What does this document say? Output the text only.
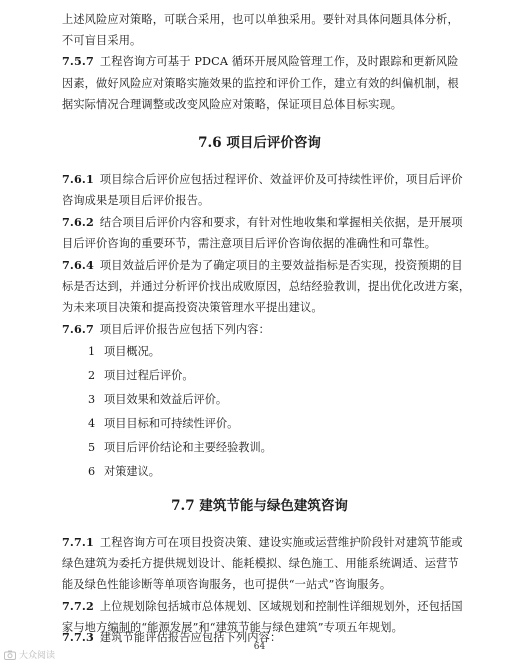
上述风险应对策略，可联合采用，也可以单独采用。要针对具体问题具体分析，
不可盲目采用。
7.5.7 工程咨询方可基于 PDCA 循环开展风险管理工作，及时跟踪和更新风险
因素，做好风险应对策略实施效果的监控和评价工作，建立有效的纠偏机制，根
据实际情况合理调整或改变风险应对策略，保证项目总体目标实现。
7.6 项目后评价咨询
7.6.1 项目综合后评价应包括过程评价、效益评价及可持续性评价，项目后评价
咨询成果是项目后评价报告。
7.6.2 结合项目后评价内容和要求，有针对性地收集和掌握相关依据，是开展项
目后评价咨询的重要环节，需注意项目后评价咨询依据的准确性和可靠性。
7.6.4 项目效益后评价是为了确定项目的主要效益指标是否实现，投资预期的目
标是否达到，并通过分析评价找出成败原因，总结经验教训，提出优化改进方案，
为未来项目决策和提高投资决策管理水平提出建议。
7.6.7 项目后评价报告应包括下列内容：
1 项目概况。
2 项目过程后评价。
3 项目效果和效益后评价。
4 项目目标和可持续性评价。
5 项目后评价结论和主要经验教训。
6 对策建议。
7.7 建筑节能与绿色建筑咨询
7.7.1 工程咨询方可在项目投资决策、建设实施或运营维护阶段针对建筑节能或
绿色建筑为委托方提供规划设计、能耗模拟、绿色施工、用能系统调适、运营节
能及绿色性能诊断等单项咨询服务，也可提供“一站式”咨询服务。
7.7.2 上位规划除包括城市总体规划、区域规划和控制性详细规划外，还包括国
家与地方编制的“能源发展”和“建筑节能与绿色建筑”专项五年规划。
7.7.3 建筑节能评估报告应包括下列内容：
64
大众阅读
